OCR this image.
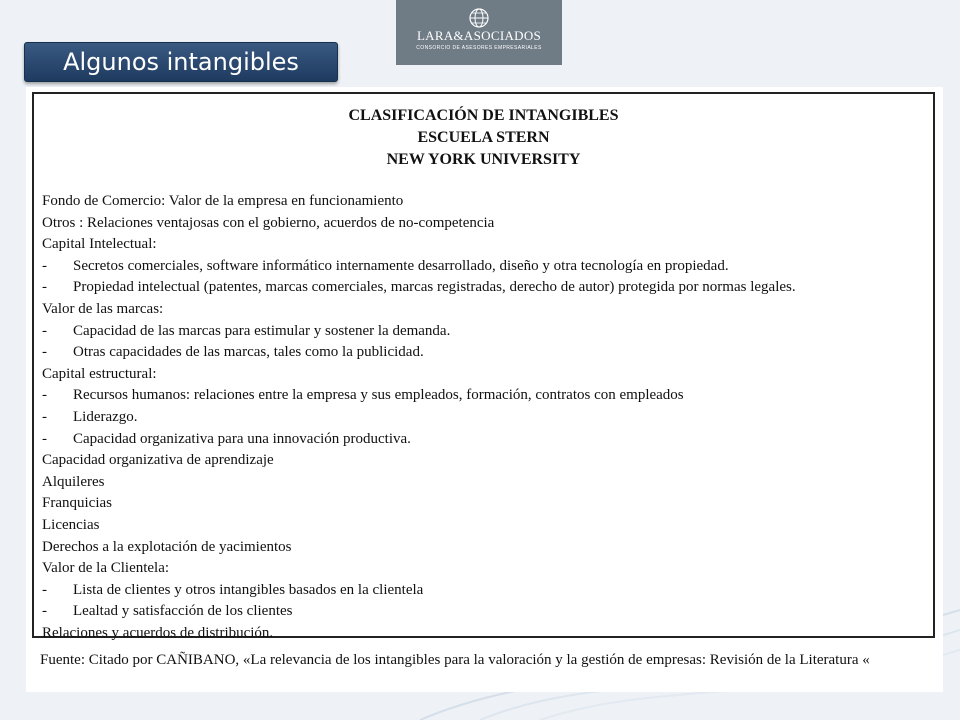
Algunos intangibles
LARA&ASOCIADOS
CONSORCIO DE ASESORES EMPRESARIALES
CLASIFICACIÓN DE INTANGIBLES
ESCUELA STERN
NEW YORK UNIVERSITY
Fondo de Comercio: Valor de la empresa en funcionamiento
Otros : Relaciones ventajosas con el gobierno, acuerdos de no-competencia
Capital Intelectual:
- Secretos comerciales, software informático internamente desarrollado, diseño y otra tecnología en propiedad.
- Propiedad intelectual (patentes, marcas comerciales, marcas registradas, derecho de autor) protegida por normas legales.
Valor de las marcas:
- Capacidad de las marcas para estimular y sostener la demanda.
- Otras capacidades de las marcas, tales como la publicidad.
Capital estructural:
- Recursos humanos: relaciones entre la empresa y sus empleados, formación, contratos con empleados
- Liderazgo.
- Capacidad organizativa para una innovación productiva.
Capacidad organizativa de aprendizaje
Alquileres
Franquicias
Licencias
Derechos a la explotación de yacimientos
Valor de la Clientela:
- Lista de clientes y otros intangibles basados en la clientela
- Lealtad y satisfacción de los clientes
Relaciones y acuerdos de distribución.
Fuente: Citado por CAÑIBANO, «La relevancia de los intangibles para la valoración y la gestión de empresas: Revisión de la Literatura «
